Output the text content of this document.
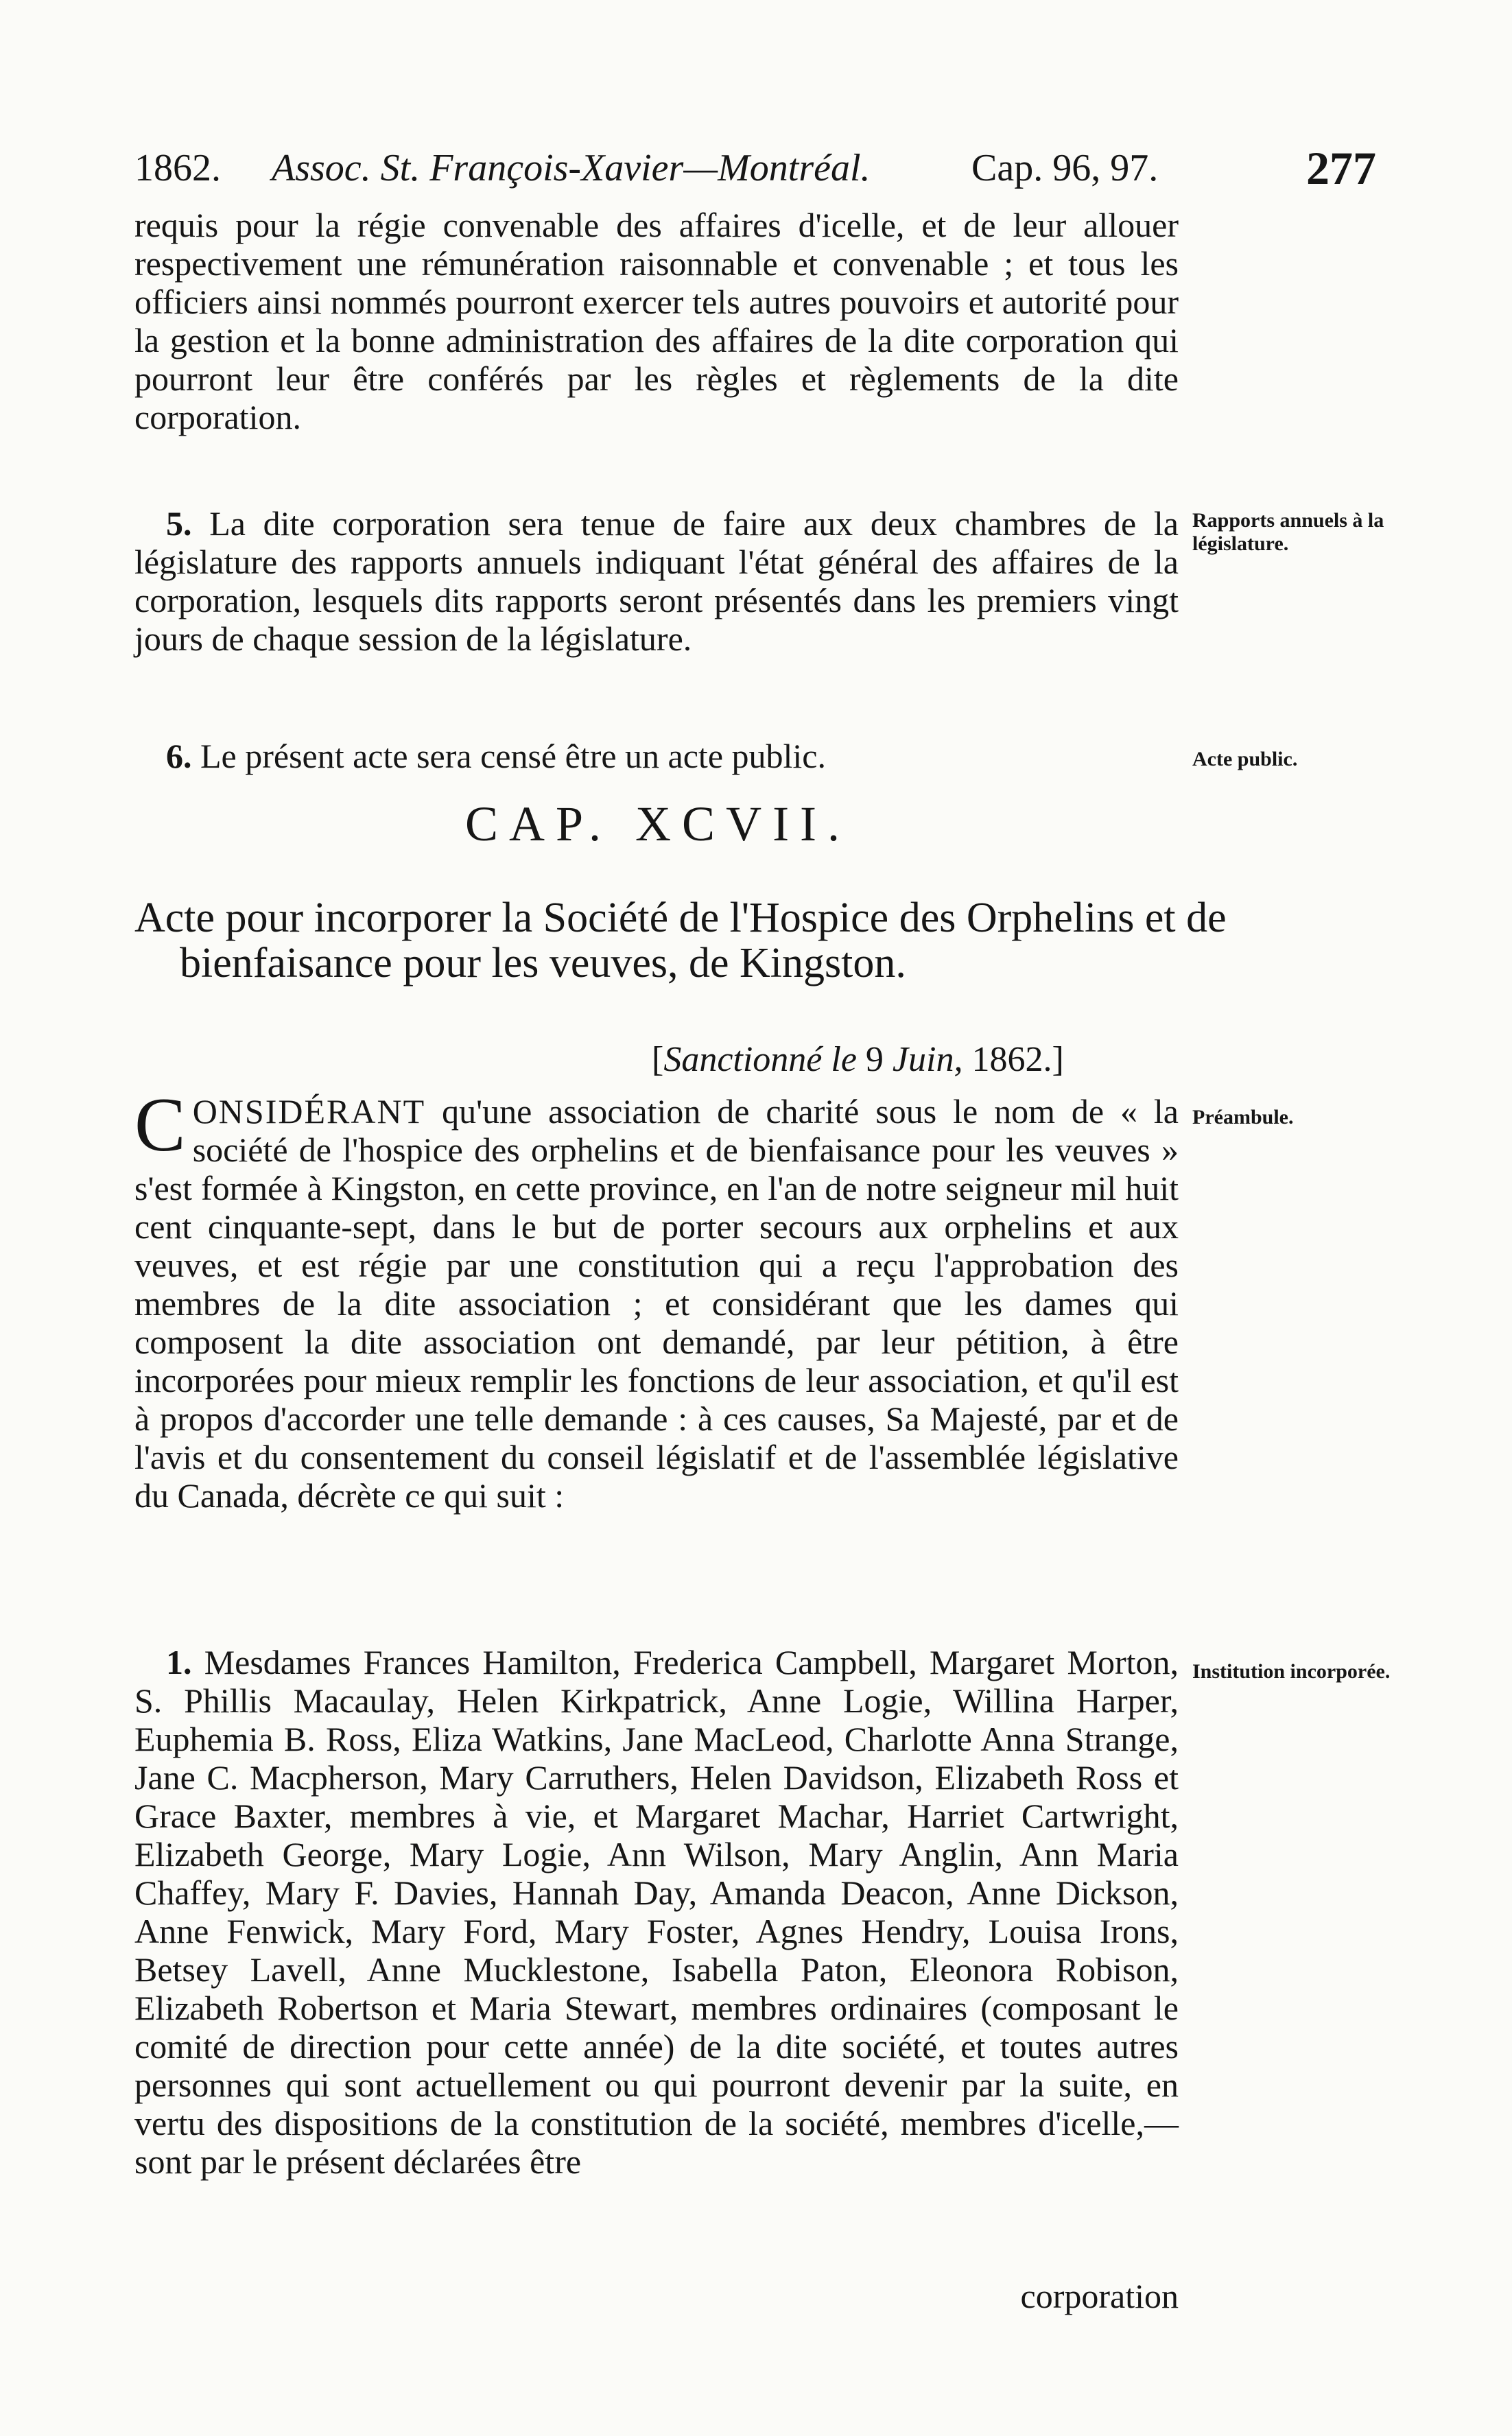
1862. Assoc. St. François-Xavier—Montréal.	Cap. 96, 97.	277

requis pour la régie convenable des affaires d'icelle, et de leur allouer respectivement une rémunération raisonnable et convenable ; et tous les officiers ainsi nommés pourront exercer tels autres pouvoirs et autorité pour la gestion et la bonne administration des affaires de la dite corporation qui pourront leur être conférés par les règles et règlements de la dite corporation.

5. La dite corporation sera tenue de faire aux deux chambres de la législature des rapports annuels indiquant l'état général des affaires de la corporation, lesquels dits rapports seront présentés dans les premiers vingt jours de chaque session de la législature.

Rapports annuels à la législature.

6. Le présent acte sera censé être un acte public.	Acte public.
CAP. XCVII.
Acte pour incorporer la Société de l'Hospice des Orphelins et de bienfaisance pour les veuves, de Kingston.
[Sanctionné le 9 Juin, 1862.]
CONSIDÉRANT qu'une association de charité sous le nom de « la société de l'hospice des orphelins et de bienfaisance pour les veuves » s'est formée à Kingston, en cette province, en l'an de notre seigneur mil huit cent cinquante-sept, dans le but de porter secours aux orphelins et aux veuves, et est régie par une constitution qui a reçu l'approbation des membres de la dite association ; et considérant que les dames qui composent la dite association ont demandé, par leur pétition, à être incorporées pour mieux remplir les fonctions de leur association, et qu'il est à propos d'accorder une telle demande : à ces causes, Sa Majesté, par et de l'avis et du consentement du conseil législatif et de l'assemblée législative du Canada, décrète ce qui suit :
Préambule.

1. Mesdames Frances Hamilton, Frederica Campbell, Margaret Morton, S. Phillis Macaulay, Helen Kirkpatrick, Anne Logie, Willina Harper, Euphemia B. Ross, Eliza Watkins, Jane MacLeod, Charlotte Anna Strange, Jane C. Macpherson, Mary Carruthers, Helen Davidson, Elizabeth Ross et Grace Baxter, membres à vie, et Margaret Machar, Harriet Cartwright, Elizabeth George, Mary Logie, Ann Wilson, Mary Anglin, Ann Maria Chaffey, Mary F. Davies, Hannah Day, Amanda Deacon, Anne Dickson, Anne Fenwick, Mary Ford, Mary Foster, Agnes Hendry, Louisa Irons, Betsey Lavell, Anne Mucklestone, Isabella Paton, Eleonora Robison, Elizabeth Robertson et Maria Stewart, membres ordinaires (composant le comité de direction pour cette année) de la dite société, et toutes autres personnes qui sont actuellement ou qui pourront devenir par la suite, en vertu des dispositions de la constitution de la société, membres d'icelle,—sont par le présent déclarées être

Institution incorporée.
corporation
